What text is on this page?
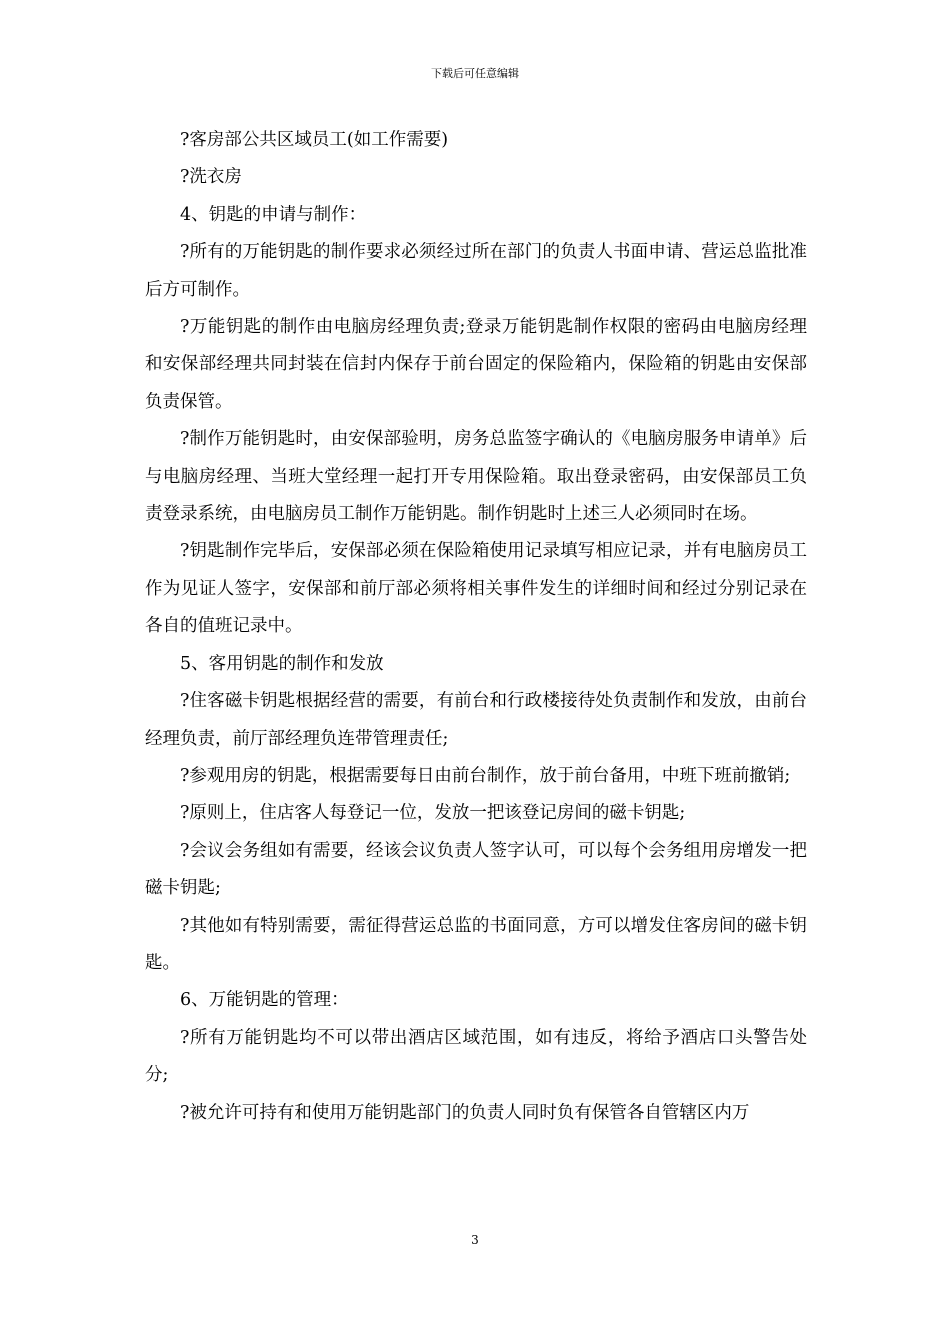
下载后可任意编辑

?客房部公共区域员工(如工作需要)

?洗衣房

4、钥匙的申请与制作：

?所有的万能钥匙的制作要求必须经过所在部门的负责人书面申请、营运总监批准后方可制作。

?万能钥匙的制作由电脑房经理负责;登录万能钥匙制作权限的密码由电脑房经理和安保部经理共同封装在信封内保存于前台固定的保险箱内，保险箱的钥匙由安保部负责保管。

?制作万能钥匙时，由安保部验明，房务总监签字确认的《电脑房服务申请单》后与电脑房经理、当班大堂经理一起打开专用保险箱。取出登录密码，由安保部员工负责登录系统，由电脑房员工制作万能钥匙。制作钥匙时上述三人必须同时在场。

?钥匙制作完毕后，安保部必须在保险箱使用记录填写相应记录，并有电脑房员工作为见证人签字，安保部和前厅部必须将相关事件发生的详细时间和经过分别记录在各自的值班记录中。

5、客用钥匙的制作和发放

?住客磁卡钥匙根据经营的需要，有前台和行政楼接待处负责制作和发放，由前台经理负责，前厅部经理负连带管理责任;

?参观用房的钥匙，根据需要每日由前台制作，放于前台备用，中班下班前撤销;

?原则上，住店客人每登记一位，发放一把该登记房间的磁卡钥匙;

?会议会务组如有需要，经该会议负责人签字认可，可以每个会务组用房增发一把磁卡钥匙;

?其他如有特别需要，需征得营运总监的书面同意，方可以增发住客房间的磁卡钥匙。

6、万能钥匙的管理：

?所有万能钥匙均不可以带出酒店区域范围，如有违反，将给予酒店口头警告处分;

?被允许可持有和使用万能钥匙部门的负责人同时负有保管各自管辖区内万

3
